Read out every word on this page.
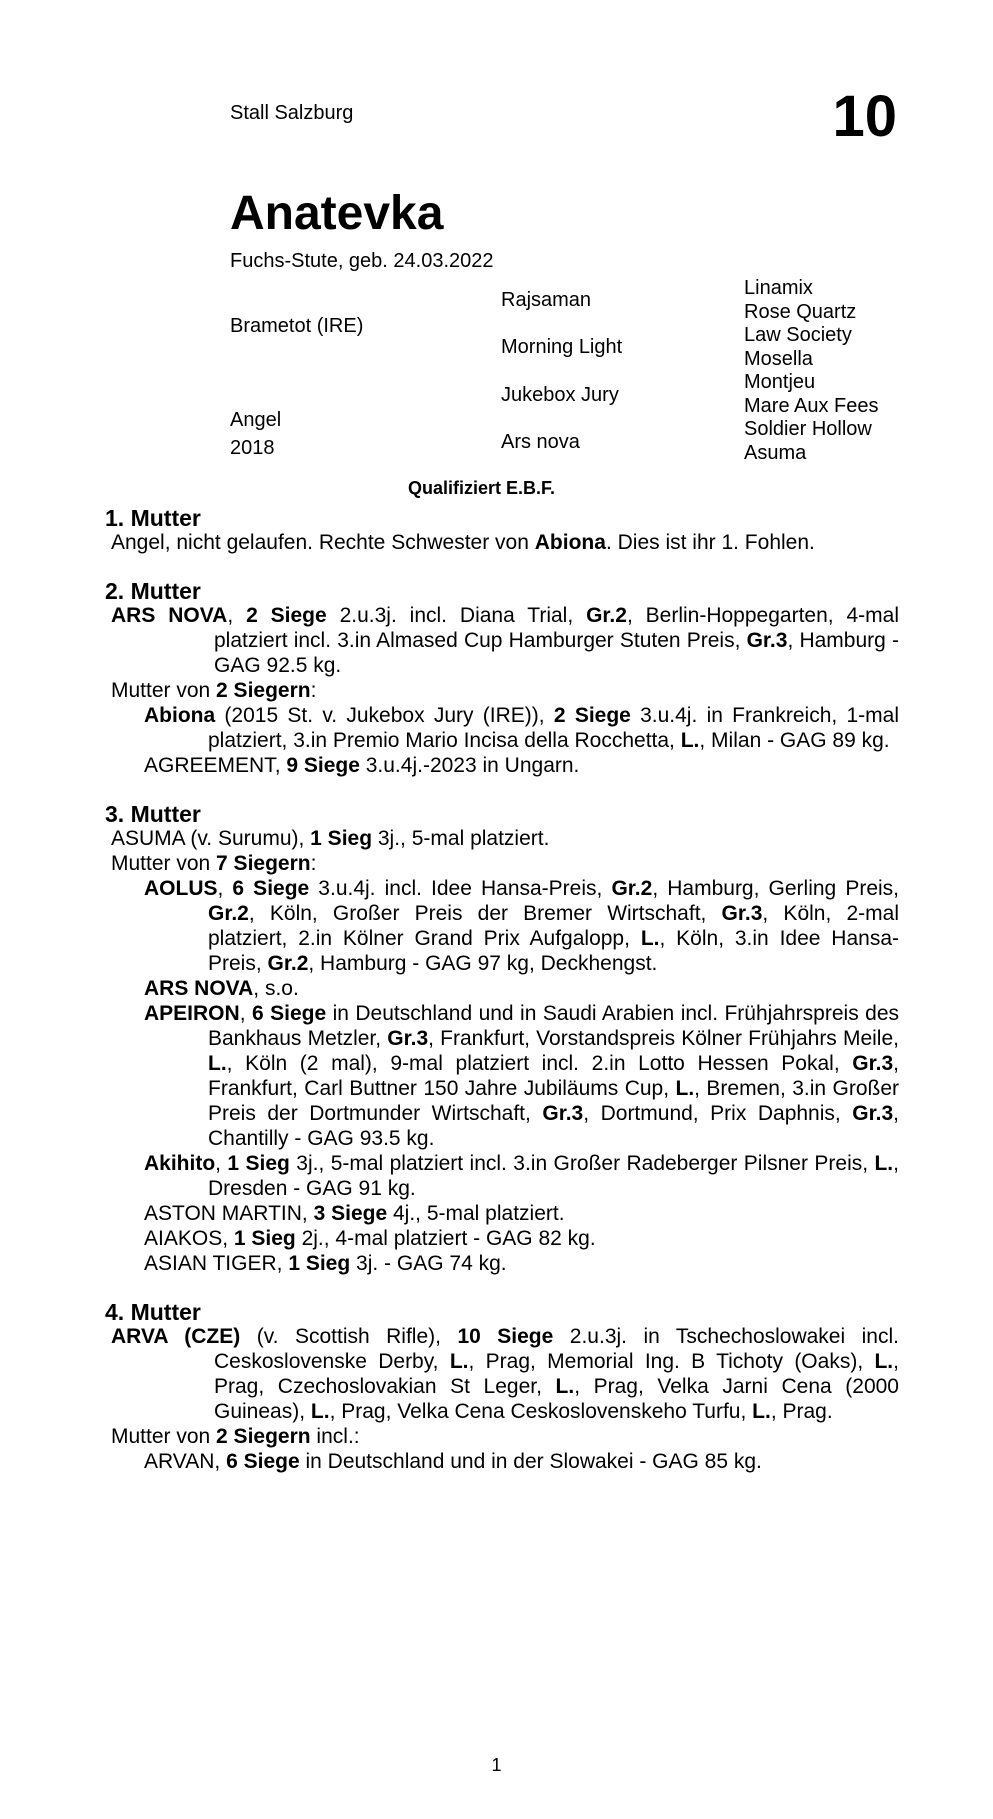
Stall Salzburg	10
Anatevka
Fuchs-Stute, geb. 24.03.2022
Brametot (IRE)
Angel
2018
Rajsaman
Morning Light
Jukebox Jury
Ars nova
Linamix
Rose Quartz
Law Society
Mosella
Montjeu
Mare Aux Fees
Soldier Hollow
Asuma
Qualifiziert E.B.F.
1. Mutter
Angel, nicht gelaufen. Rechte Schwester von Abiona. Dies ist ihr 1. Fohlen.
2. Mutter
ARS NOVA, 2 Siege 2.u.3j. incl. Diana Trial, Gr.2, Berlin-Hoppegarten, 4-mal platziert incl. 3.in Almased Cup Hamburger Stuten Preis, Gr.3, Hamburg - GAG 92.5 kg.
Mutter von 2 Siegern:
Abiona (2015 St. v. Jukebox Jury (IRE)), 2 Siege 3.u.4j. in Frankreich, 1-mal platziert, 3.in Premio Mario Incisa della Rocchetta, L., Milan - GAG 89 kg.
AGREEMENT, 9 Siege 3.u.4j.-2023 in Ungarn.
3. Mutter
ASUMA (v. Surumu), 1 Sieg 3j., 5-mal platziert.
Mutter von 7 Siegern:
AOLUS, 6 Siege 3.u.4j. incl. Idee Hansa-Preis, Gr.2, Hamburg, Gerling Preis, Gr.2, Köln, Großer Preis der Bremer Wirtschaft, Gr.3, Köln, 2-mal platziert, 2.in Kölner Grand Prix Aufgalopp, L., Köln, 3.in Idee Hansa-Preis, Gr.2, Hamburg - GAG 97 kg, Deckhengst.
ARS NOVA, s.o.
APEIRON, 6 Siege in Deutschland und in Saudi Arabien incl. Frühjahrspreis des Bankhaus Metzler, Gr.3, Frankfurt, Vorstandspreis Kölner Frühjahrs Meile, L., Köln (2 mal), 9-mal platziert incl. 2.in Lotto Hessen Pokal, Gr.3, Frankfurt, Carl Buttner 150 Jahre Jubiläums Cup, L., Bremen, 3.in Großer Preis der Dortmunder Wirtschaft, Gr.3, Dortmund, Prix Daphnis, Gr.3, Chantilly - GAG 93.5 kg.
Akihito, 1 Sieg 3j., 5-mal platziert incl. 3.in Großer Radeberger Pilsner Preis, L., Dresden - GAG 91 kg.
ASTON MARTIN, 3 Siege 4j., 5-mal platziert.
AIAKOS, 1 Sieg 2j., 4-mal platziert - GAG 82 kg.
ASIAN TIGER, 1 Sieg 3j. - GAG 74 kg.
4. Mutter
ARVA (CZE) (v. Scottish Rifle), 10 Siege 2.u.3j. in Tschechoslowakei incl. Ceskoslovenske Derby, L., Prag, Memorial Ing. B Tichoty (Oaks), L., Prag, Czechoslovakian St Leger, L., Prag, Velka Jarni Cena (2000 Guineas), L., Prag, Velka Cena Ceskoslovenskeho Turfu, L., Prag.
Mutter von 2 Siegern incl.:
ARVAN, 6 Siege in Deutschland und in der Slowakei - GAG 85 kg.
1
